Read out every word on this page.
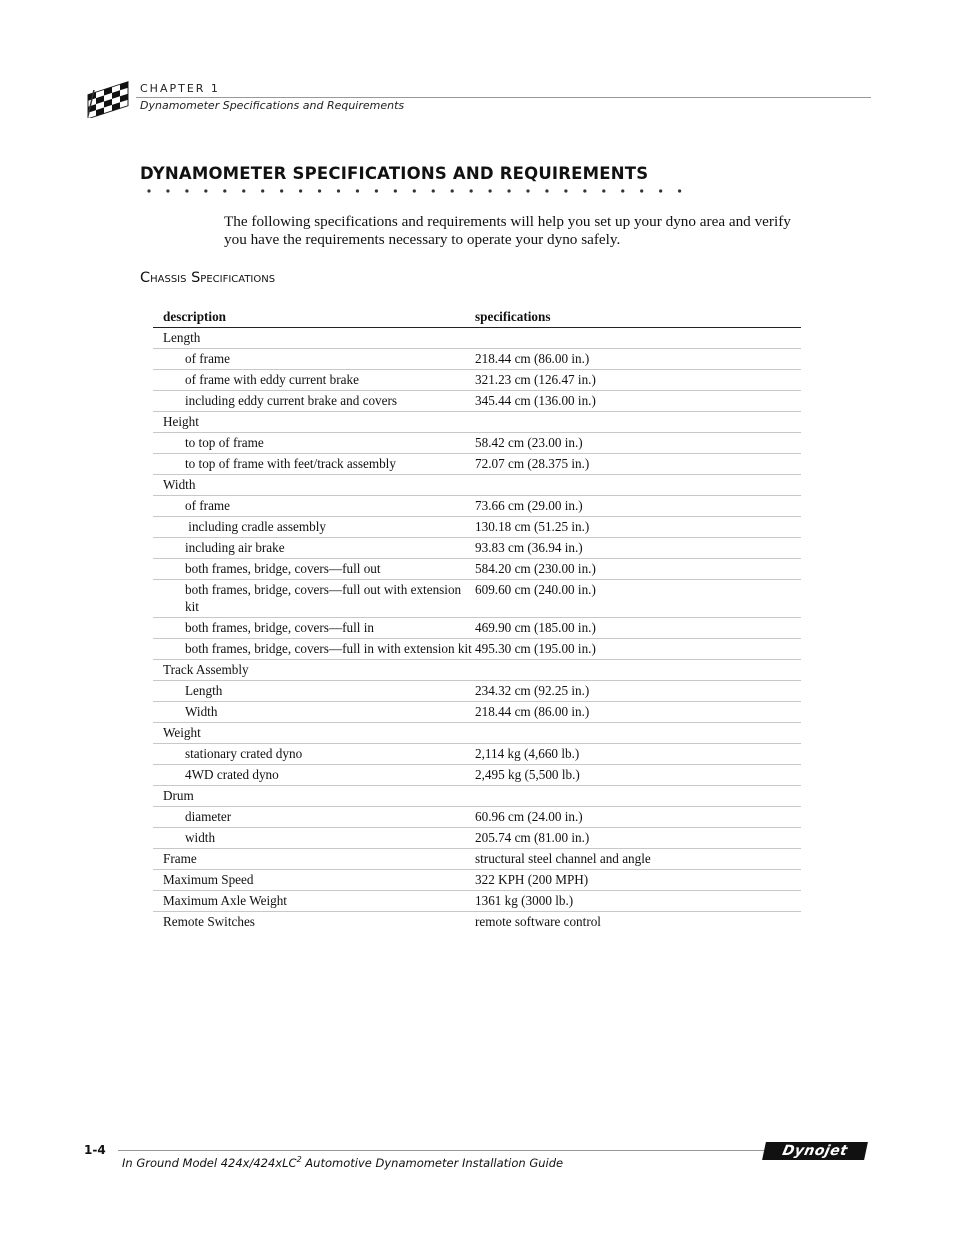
CHAPTER 1
Dynamometer Specifications and Requirements
DYNAMOMETER SPECIFICATIONS AND REQUIREMENTS
The following specifications and requirements will help you set up your dyno area and verify you have the requirements necessary to operate your dyno safely.
Chassis Specifications
description	specifications
Length	
of frame	218.44 cm (86.00 in.)
of frame with eddy current brake	321.23 cm (126.47 in.)
including eddy current brake and covers	345.44 cm (136.00 in.)
Height	
to top of frame	58.42 cm (23.00 in.)
to top of frame with feet/track assembly	72.07 cm (28.375 in.)
Width	
of frame	73.66 cm (29.00 in.)
including cradle assembly	130.18 cm (51.25 in.)
including air brake	93.83 cm (36.94 in.)
both frames, bridge, covers—full out	584.20 cm (230.00 in.)
both frames, bridge, covers—full out with extension kit	609.60 cm (240.00 in.)
both frames, bridge, covers—full in	469.90 cm (185.00 in.)
both frames, bridge, covers—full in with extension kit	495.30 cm (195.00 in.)
Track Assembly	
Length	234.32 cm (92.25 in.)
Width	218.44 cm (86.00 in.)
Weight	
stationary crated dyno	2,114 kg (4,660 lb.)
4WD crated dyno	2,495 kg (5,500 lb.)
Drum	
diameter	60.96 cm (24.00 in.)
width	205.74 cm (81.00 in.)
Frame	structural steel channel and angle
Maximum Speed	322 KPH (200 MPH)
Maximum Axle Weight	1361 kg (3000 lb.)
Remote Switches	remote software control
1-4
In Ground Model 424x/424xLC$^2$ Automotive Dynamometer Installation Guide
Dynojet
